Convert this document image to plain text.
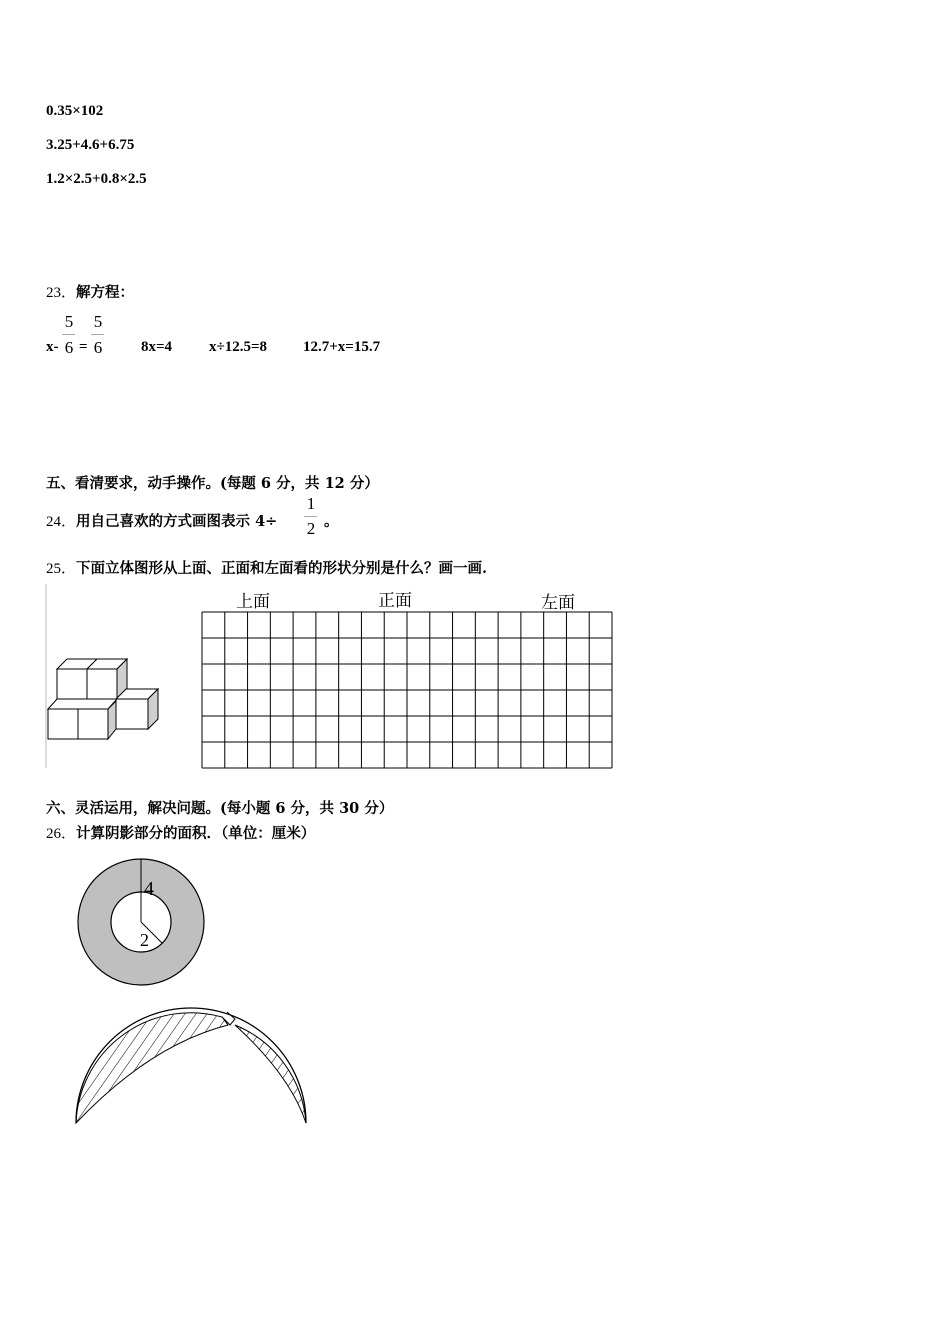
0.35×102
3.25+4.6+6.75
1.2×2.5+0.8×2.5
23．解方程：
x-
5
6 =
5
6	8x=4 x÷12.5=8 12.7+x=15.7
五、看清要求，动手操作。(每题 6 分，共 12 分）
24．用自己喜欢的方式画图表示 4÷
1
2 。
25．下面立体图形从上面、正面和左面看的形状分别是什么？画一画.
上面	正面	左面
六、灵活运用，解决问题。(每小题 6 分，共 30 分）
26．计算阴影部分的面积．（单位：厘米）
4
2
